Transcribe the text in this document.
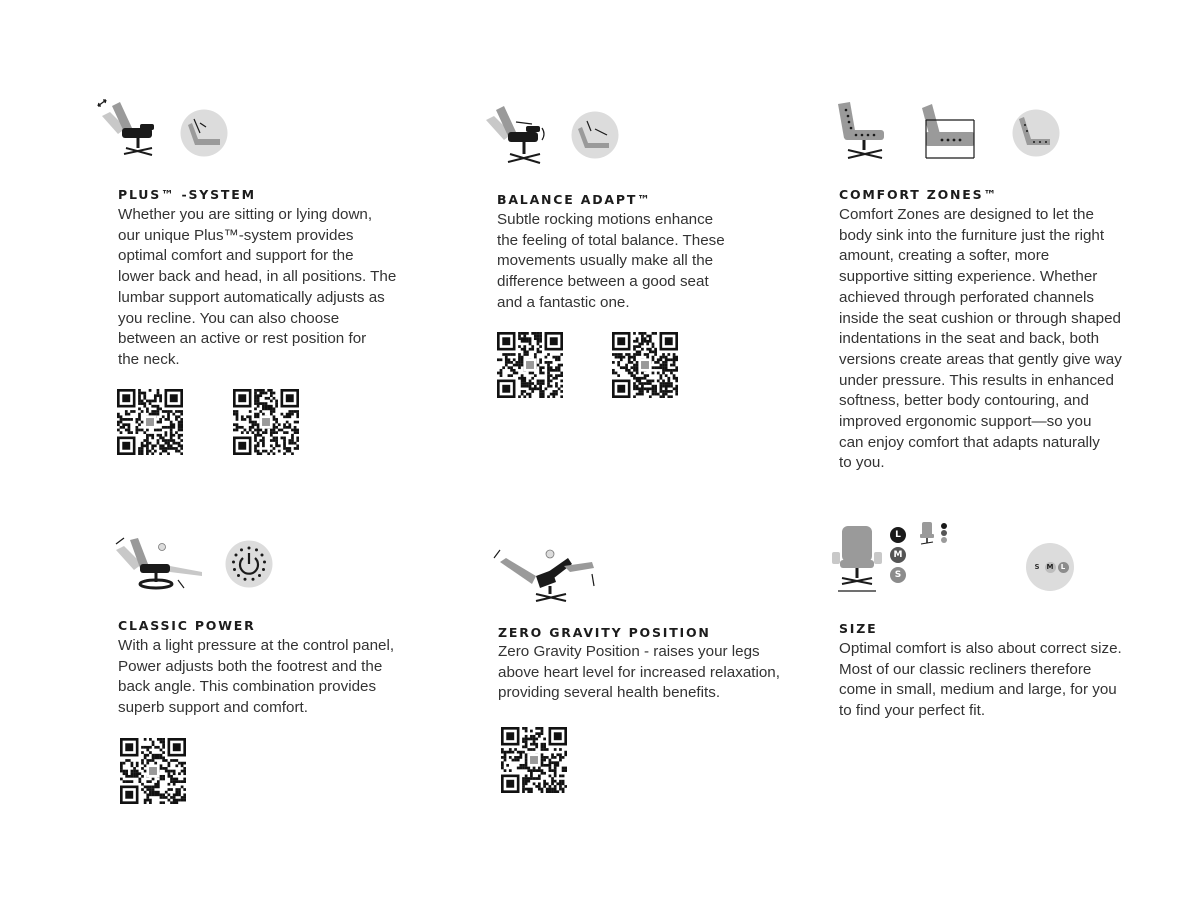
PLUS™ -SYSTEM

Whether you are sitting or lying down,
our unique Plus™-system provides
optimal comfort and support for the
lower back and head, in all positions. The
lumbar support automatically adjusts as
you recline. You can also choose
between an active or rest position for
the neck.

BALANCE ADAPT™

Subtle rocking motions enhance
the feeling of total balance. These
movements usually make all the
difference between a good seat
and a fantastic one.

COMFORT ZONES™

Comfort Zones are designed to let the
body sink into the furniture just the right
amount, creating a softer, more
supportive sitting experience. Whether
achieved through perforated channels
inside the seat cushion or through shaped
indentations in the seat and back, both
versions create areas that gently give way
under pressure. This results in enhanced
softness, better body contouring, and
improved ergonomic support—so you
can enjoy comfort that adapts naturally
to you.

CLASSIC POWER

With a light pressure at the control panel,
Power adjusts both the footrest and the
back angle. This combination provides
superb support and comfort.

ZERO GRAVITY POSITION

Zero Gravity Position - raises your legs
above heart level for increased relaxation,
providing several health benefits.

L
M
S
S	M	L
SIZE

Optimal comfort is also about correct size.
Most of our classic recliners therefore
come in small, medium and large, for you
to find your perfect fit.
